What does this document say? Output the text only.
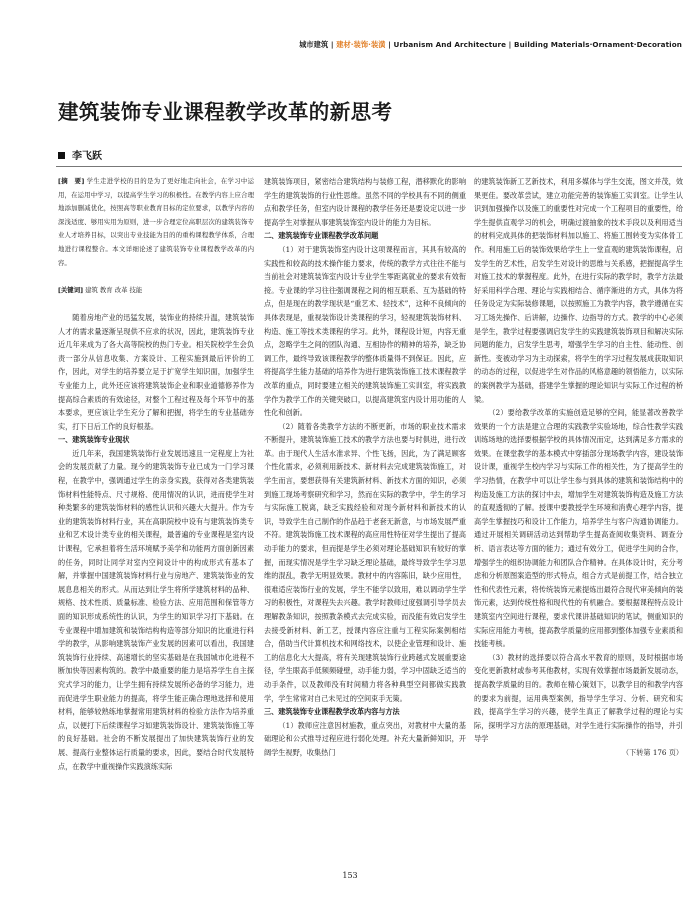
城市建筑 | 建材·装饰·装潢 | Urbanism And Architecture | Building Materials·Ornament·Decoration
建筑装饰专业课程教学改革的新思考
李飞跃

[摘　要] 学生走进学校的目的是为了更好地走向社会，在学习中运用，在运用中学习，以提高学生学习的积极性。在教学内容上应合理地添加删减优化，按照高等职业教育目标的定位要求，以教学内容的深浅适度、够用实用为原则，进一步合理定位高职层次的建筑装饰专业人才培养目标，以突出专业技能为目的的重构课程教学体系，合理地进行课程整合。本文详细论述了建筑装饰专业课程教学改革的内容。

[关键词] 建筑 教育 改革 技能

随着房地产业的迅猛发展，装饰业的持续升温，建筑装饰人才的需求量逐渐呈现供不应求的状况，因此，建筑装饰专业近几年来成为了各大高等院校的热门专业。相关院校学生会负责一部分从信息收集、方案设计、工程实施到最后评价的工作，因此，对学生的培养要立足于扩宽学生知识面，加强学生专业能力上，此外还应该将建筑装饰企业和职业道德修养作为提高综合素质的有效途径，对整个工程过程及每个环节中的基本要求，更应该让学生充分了解和把握，将学生的专业基础夯实，打下日后工作的良好根基。

一、建筑装饰专业现状

近几年来，我国建筑装饰行业发展迅速且一定程度上为社会的发展贡献了力量。现今的建筑装饰专业已成为一门学习课程，在教学中，强调通过学生的亲身实践，获得对各类建筑装饰材料性能特点、尺寸规格、使用情况的认识，进而使学生对种类繁多的建筑装饰材料的感性认识和兴趣大大提升。作为专业的建筑装饰材料行业，其在高职院校中设有与建筑装饰类专业和艺术设计类专业的相关课程，最普遍的专业课程是室内设计课程，它承担着将生活环境赋予美学和功能两方面创新因素的任务，同时让同学对室内空间设计中的构成形式有基本了解，并掌握中国建筑装饰材料行业与房地产、建筑装饰业的发展息息相关的形式。从而达到让学生将所学建筑材料的品种、规格、技术性质、质量标准、检验方法、应用范围和保管等方面的知识形成系统性的认识，为学生的知识学习打下基础。在专业课程中增加建筑和装饰结构构造等部分知识的比重进行科学的教学，从影响建筑装饰产业发展的因素可以看出，我国建筑装饰行业持续、高速增长的坚实基础是在我国城市化进程不断加快等因素构筑的。教学中最重要的能力是培养学生自主探究式学习的能力，让学生拥有持续发展所必备的学习能力，进而促进学生职业能力的提高，将学生能正确合理地选择和使用材料，能够较熟练地掌握常用建筑材料的检验方法作为培养重点，以便打下后续课程学习如建筑装饰设计、建筑装饰施工等的良好基础。社会的不断发展提出了加快建筑装饰行业的发展、提高行业整体运行质量的要求，因此，要结合时代发展特点，在教学中重视操作实践演练实际

建筑装饰项目，紧密结合建筑结构与装修工程，潜移默化的影响学生的建筑装饰的行业性思维。虽然不同的学校具有不同的侧重点和教学任务，但室内设计课程的教学任务还是要设定以进一步提高学生对掌握从事建筑装饰室内设计的能力为目标。

二、建筑装饰专业课程教学改革问题

（1）对于建筑装饰室内设计这项课程而言，其具有较高的实践性和较高的技术操作能力要求，传统的教学方式往往不能与当前社会对建筑装饰室内设计专业学生零距离就业的要求有效衔接。专业课的学习往往强调课程之间的相互联系、互为基础的特点，但是现在的教学现状是“重艺术、轻技术”，这种不良倾向的具体表现是，重视装饰设计类课程的学习，轻视建筑装饰材料、构造、施工等技术类课程的学习。此外，课程设计短，内容无重点，忽略学生之间的团队沟通、互相协作的精神的培养，缺乏协调工作，最终导致该课程教学的整体质量得不到保证。因此，应将提高学生能力基础的培养作为进行建筑装饰施工技术课程教学改革的重点，同时要建立相关的建筑装饰施工实训室，将实践教学作为教学工作的关键突破口，以提高建筑室内设计用功能的人性化和创新。

（2）随着各类教学方法的不断更新，市场的职业技术需求不断提升，建筑装饰施工技术的教学方法也要与时俱进，进行改革。由于现代人生活水准求异、个性飞扬，因此，为了满足顾客个性化需求，必须利用新技术、新材料去完成建筑装饰施工，对学生而言，要想获得有关建筑新材料、新技术方面的知识，必须到施工现场考察研究和学习，然而在实际的教学中，学生的学习与实际施工脱离，缺乏实践经验和对现今新材料和新技术的认识，导致学生自己制作的作品趋于老套无新意，与市场发展严重不符。建筑装饰施工技术课程的高应用性特征对学生提出了提高动手能力的要求，但而提是学生必须对理论基础知识有较好的掌握，而现实情况是学生学习缺乏理论基础，最终导致学生学习思维的混乱，教学无明显效果。教材中的内容陈旧，缺少应用性，很难适应装饰行业的发展，学生不能学以致用，难以调动学生学习的积极性，对课程失去兴趣。教学时教师过度强调引导学员去理解教条知识，按照教条模式去完成实验，而没能有效启发学生去接受新材料、新工艺，授课内容应注重与工程实际案例相结合，借助当代计算机技术和网络技术，以使企业管理和设计、施工的信息化大大提高，将有关现建筑装饰行业跨越式发展重要途径，学生眼高手低频频碰壁，动手能力弱，学习中固缺乏适当的动手条件，以及教师没有时间精力将各种典型空间都做实践教学，学生常常对自己未见过的空间束手无策。

三、建筑装饰专业课程教学改革内容与方法

（1）教师应注意因材施教，重点突出，对教材中大量的基础理论和公式推导过程应进行弱化处理。补充大量新鲜知识，开阔学生视野，收集热门

的建筑装饰新工艺新技术，利用多媒体与学生交流，图文并茂，效果更佳。要改革尝试，建立功能完善的装饰施工实训室。让学生认识到加强操作以及施工的重要性对完成一个工程项目的重要性，给学生提供直观学习的机会，明确过渡抽象的技术手段以及利用适当的材料完成具体的把装饰材料加以施工、将施工围转变为实体骨工作。利用施工后的装饰效果给学生上一堂直观的建筑装饰课程，启发学生的艺术性，启发学生对设计的思维与关系感，把握提高学生对施工技术的掌握程度。此外，在进行实际的教学时，教学方法最好采用科学合理、理论与实践相结合、循序渐进的方式，具体为将任务设定为实际装修课题，以按照施工为教学内容，教学遵循在实习工场先操作、后讲解，边操作、边指导的方式。教学的中心必须是学生，教学过程要强调启发学生的实践建筑装饰项目和解决实际问题的能力，启发学生思考，增强学生学习的自主性、能动性、创新性。变被动学习为主动探索，将学生的学习过程发展成获取知识的动态的过程，以促进学生对作品的风格意趣的领悟能力，以实际的案例教学为基础，搭建学生掌握的理论知识与实际工作过程的桥梁。

（2）要给教学改革的实施创造足够的空间，能显著改善教学效果的一个方法是建立合理的实践教学实验场地，综合性教学实践训练场地的选择要根据学校的具体情况而定，达到满足多方需求的效果。在课堂教学的基本模式中穿插部分现场教学内容，建设装饰设计课，重视学生校内学习与实际工作的相关性，为了提高学生的学习热情，在教学中可以让学生参与到具体的建筑和装饰结构中的构造及施工方法的探讨中去，增加学生对建筑装饰构造及施工方法的直观透彻的了解。授课中要教授学生环境和消费心理学内容，提高学生掌握技巧和设计工作能力，培养学生与客户沟通协调能力。通过开展相关调研活动达到帮助学生提高查阅收集资料、调查分析、语言表达等方面的能力；通过有效分工，促进学生间的合作，增强学生的组织协调能力和团队合作精神。在具体设计时，充分考虑和分析原图案造型的形式特点，组合方式是前提工作，结合独立性和代表性元素，将传统装饰元素提炼出最符合现代审美倾向的装饰元素，达到传统性格和现代性的有机融合。要根据课程特点设计建筑室内空间进行课程，要求代课讲基础知识的笔试，侧重知识的实际应用能力考核，提高教学质量的应用都到整体加强专业素质和技能考核。

（3）教材的选择要以符合高水平教育的原则，及时根据市场变化更新教材或参考其他教材，实现有效掌握市场最新发展动态，提高教学质量的目的。教师在精心策划下，以教学目的和教学内容的要求为前提，运用典型案例，指导学生学习、分析、研究和实践，提高学生学习的兴趣，使学生真正了解教学过程的理论与实际，探明学习方法的原理基础，对学生进行实际操作的指导，并引导学

（下转第 176 页）

153
